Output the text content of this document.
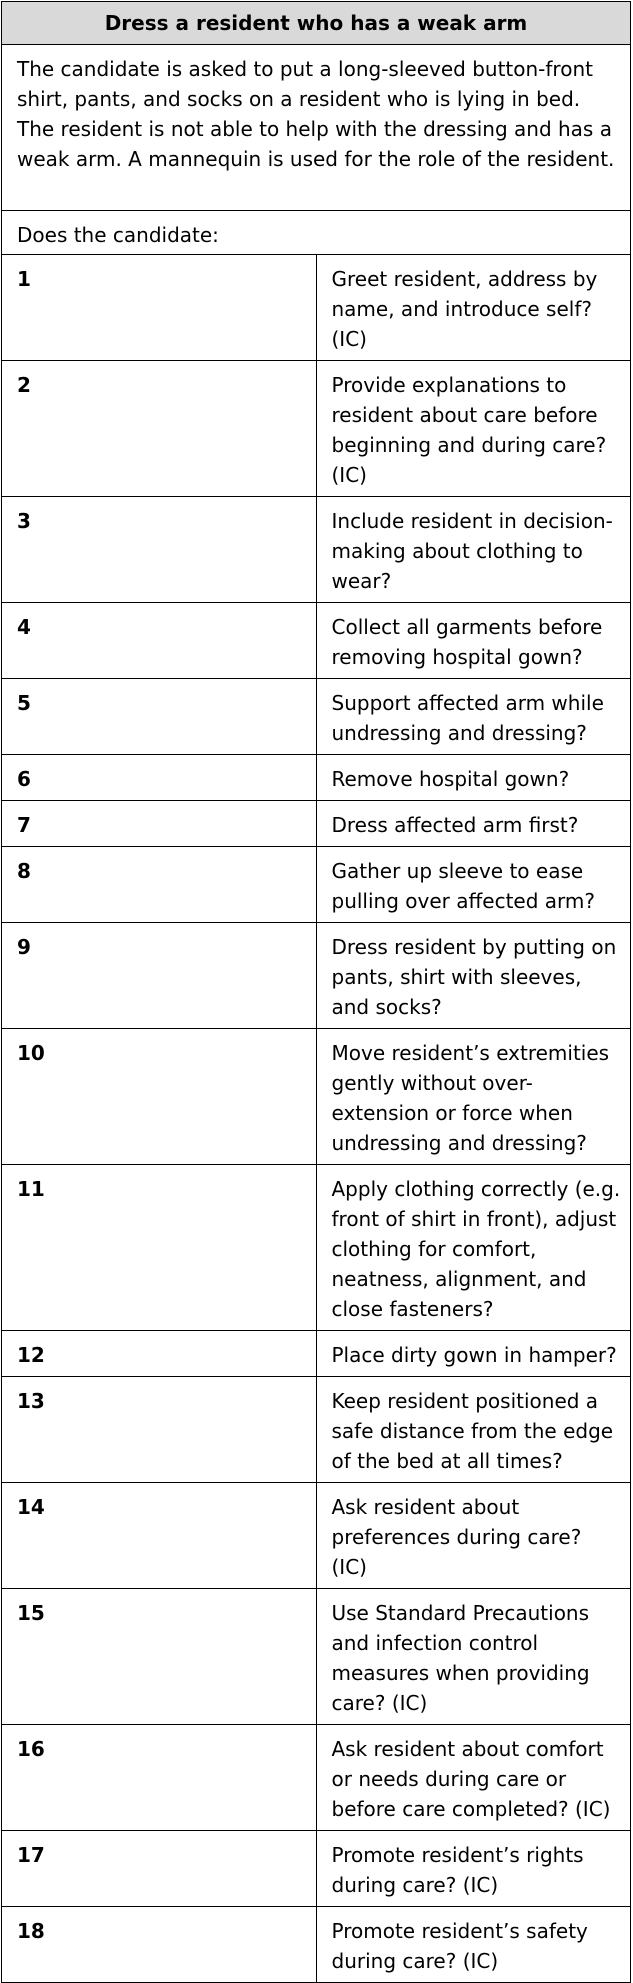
Dress a resident who has a weak arm	
The candidate is asked to put a long-sleeved button-front shirt, pants, and socks on a resident who is lying in bed. The resident is not able to help with the dressing and has a weak arm. A mannequin is used for the role of the resident.	
Does the candidate:	
1	Greet resident, address by name, and introduce self? (IC)
2	Provide explanations to resident about care before beginning and during care? (IC)
3	Include resident in decision-making about clothing to wear?
4	Collect all garments before removing hospital gown?
5	Support affected arm while undressing and dressing?
6	Remove hospital gown?
7	Dress affected arm first?
8	Gather up sleeve to ease pulling over affected arm?
9	Dress resident by putting on pants, shirt with sleeves, and socks?
10	Move resident’s extremities gently without over-extension or force when undressing and dressing?
11	Apply clothing correctly (e.g. front of shirt in front), adjust clothing for comfort, neatness, alignment, and close fasteners?
12	Place dirty gown in hamper?
13	Keep resident positioned a safe distance from the edge of the bed at all times?
14	Ask resident about preferences during care? (IC)
15	Use Standard Precautions and infection control measures when providing care? (IC)
16	Ask resident about comfort or needs during care or before care completed? (IC)
17	Promote resident’s rights during care? (IC)
18	Promote resident’s safety during care? (IC)
